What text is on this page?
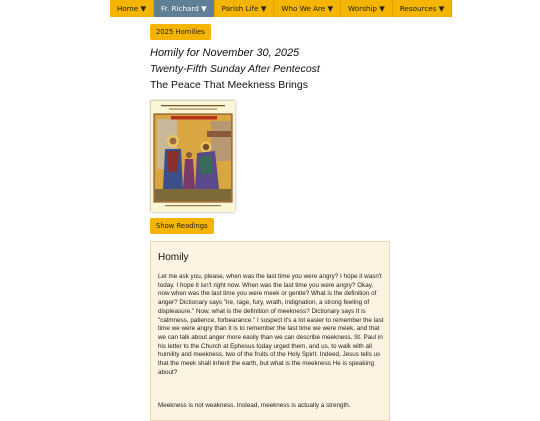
Home ▼	Fr. Richard ▼	Parish Life ▼	Who We Are ▼	Worship ▼	Resources ▼
2025 Homilies
Homily for November 30, 2025
Twenty-Fifth Sunday After Pentecost
The Peace That Meekness Brings
Show Readings
Homily
Let me ask you, please, when was the last time you were angry? I hope it wasn't today. I hope it isn't right now. When was the last time you were angry? Okay, now when was the last time you were meek or gentle? What is the definition of anger? Dictionary says "ire, rage, fury, wrath, indignation, a strong feeling of displeasure." Now, what is the definition of meekness? Dictionary says It is "calmness, patience, forbearance." I suspect it's a lot easier to remember the last time we were angry than it is to remember the last time we were meek, and that we can talk about anger more easily than we can describe meekness. St. Paul in his letter to the Church at Ephesus today urged them, and us, to walk with all humility and meekness, two of the fruits of the Holy Spirit. Indeed, Jesus tells us that the meek shall inherit the earth, but what is the meekness He is speaking about?
Meekness is not weakness. Instead, meekness is actually a strength.
